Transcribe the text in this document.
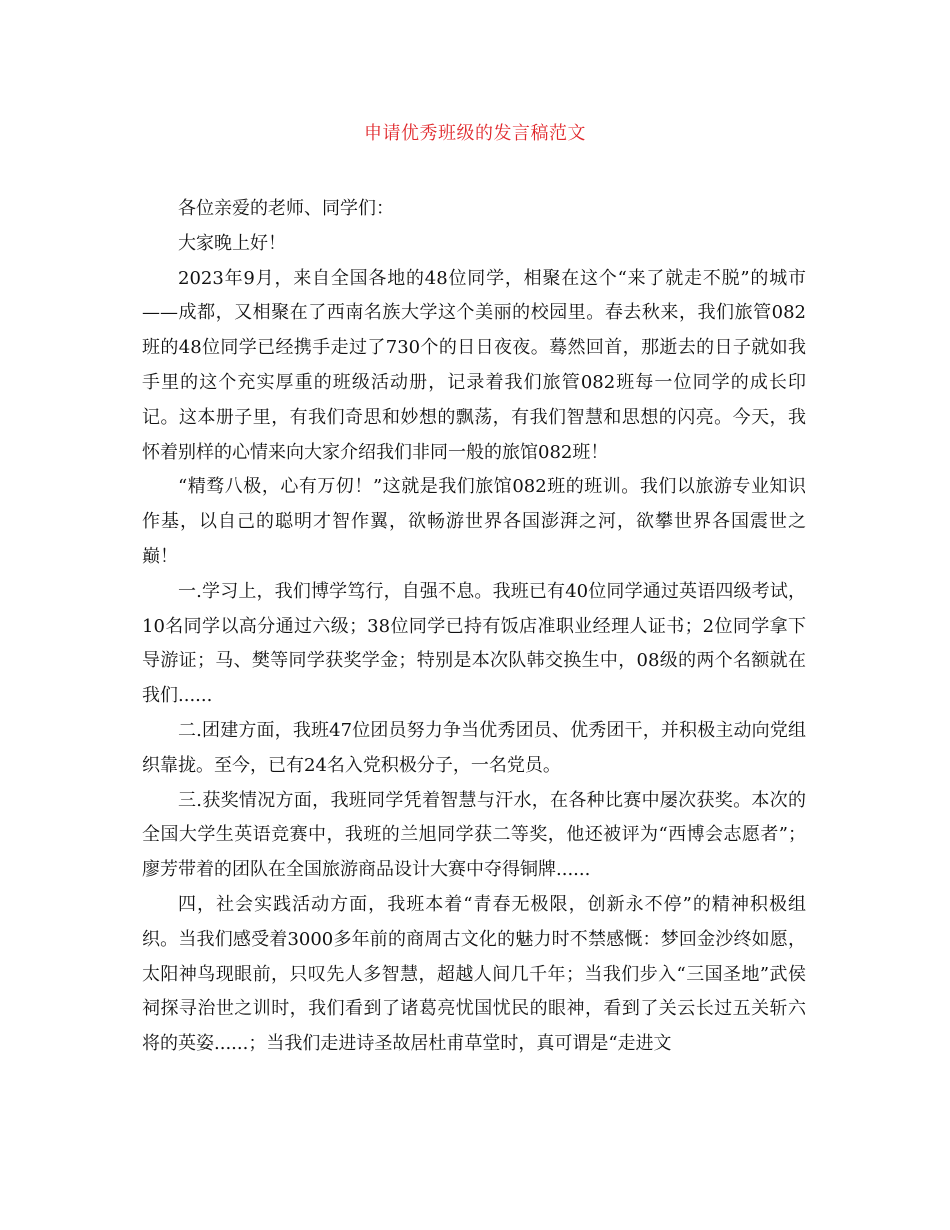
申请优秀班级的发言稿范文

各位亲爱的老师、同学们：

大家晚上好！

2023年9月，来自全国各地的48位同学，相聚在这个“来了就走不脱”的城市——成都，又相聚在了西南名族大学这个美丽的校园里。春去秋来，我们旅管082班的48位同学已经携手走过了730个的日日夜夜。蓦然回首，那逝去的日子就如我手里的这个充实厚重的班级活动册，记录着我们旅管082班每一位同学的成长印记。这本册子里，有我们奇思和妙想的飘荡，有我们智慧和思想的闪亮。今天，我怀着别样的心情来向大家介绍我们非同一般的旅馆082班！

“精骛八极，心有万仞！”这就是我们旅馆082班的班训。我们以旅游专业知识作基，以自己的聪明才智作翼，欲畅游世界各国澎湃之河，欲攀世界各国震世之巅！

一.学习上，我们博学笃行，自强不息。我班已有40位同学通过英语四级考试，10名同学以高分通过六级；38位同学已持有饭店准职业经理人证书；2位同学拿下导游证；马、樊等同学获奖学金；特别是本次队韩交换生中，08级的两个名额就在我们......

二.团建方面，我班47位团员努力争当优秀团员、优秀团干，并积极主动向党组织靠拢。至今，已有24名入党积极分子，一名党员。

三.获奖情况方面，我班同学凭着智慧与汗水，在各种比赛中屡次获奖。本次的全国大学生英语竞赛中，我班的兰旭同学获二等奖，他还被评为“西博会志愿者”；廖芳带着的团队在全国旅游商品设计大赛中夺得铜牌......

四，社会实践活动方面，我班本着“青春无极限，创新永不停”的精神积极组织。当我们感受着3000多年前的商周古文化的魅力时不禁感慨：梦回金沙终如愿，太阳神鸟现眼前，只叹先人多智慧，超越人间几千年；当我们步入“三国圣地”武侯祠探寻治世之训时，我们看到了诸葛亮忧国忧民的眼神，看到了关云长过五关斩六将的英姿......；当我们走进诗圣故居杜甫草堂时，真可谓是“走进文
